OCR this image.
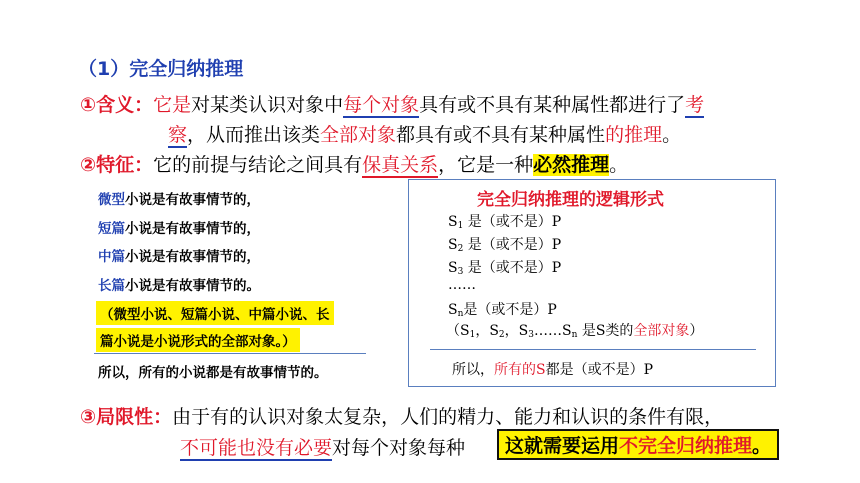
（1）完全归纳推理
①含义：它是对某类认识对象中每个对象具有或不具有某种属性都进行了考
察，从而推出该类全部对象都具有或不具有某种属性的推理。
②特征：它的前提与结论之间具有保真关系，它是一种必然推理。
微型小说是有故事情节的，
短篇小说是有故事情节的，
中篇小说是有故事情节的，
长篇小说是有故事情节的。
（微型小说、短篇小说、中篇小说、长
篇小说是小说形式的全部对象。）
所以，所有的小说都是有故事情节的。
完全归纳推理的逻辑形式
$S_1$ 是（或不是）P
$S_2$ 是（或不是）P
$S_3$ 是（或不是）P
……
$S_n$是（或不是）P
（$S_1$，$S_2$，$S_3\dots\dots S_n$ 是S类的全部对象）
所以，所有的S都是（或不是）P
③局限性：由于有的认识对象太复杂，人们的精力、能力和认识的条件有限，
不可能也没有必要对每个对象每种	这就需要运用不完全归纳推理。
